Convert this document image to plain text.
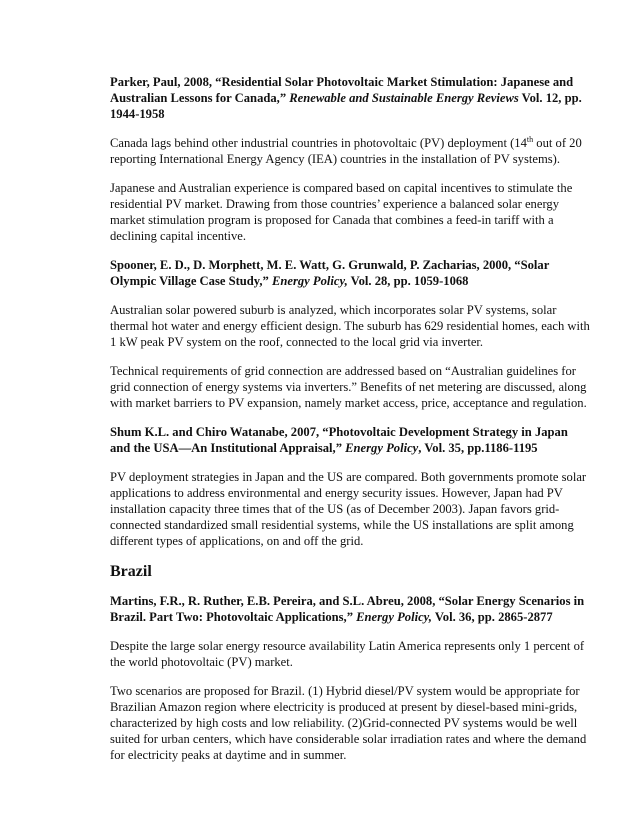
Parker, Paul, 2008, “Residential Solar Photovoltaic Market Stimulation: Japanese and Australian Lessons for Canada,” Renewable and Sustainable Energy Reviews Vol. 12, pp. 1944-1958

Canada lags behind other industrial countries in photovoltaic (PV) deployment (14th out of 20 reporting International Energy Agency (IEA) countries in the installation of PV systems).

Japanese and Australian experience is compared based on capital incentives to stimulate the residential PV market. Drawing from those countries’ experience a balanced solar energy market stimulation program is proposed for Canada that combines a feed-in tariff with a declining capital incentive.

Spooner, E. D., D. Morphett, M. E. Watt, G. Grunwald, P. Zacharias, 2000, “Solar Olympic Village Case Study,” Energy Policy, Vol. 28, pp. 1059-1068

Australian solar powered suburb is analyzed, which incorporates solar PV systems, solar thermal hot water and energy efficient design. The suburb has 629 residential homes, each with 1 kW peak PV system on the roof, connected to the local grid via inverter.

Technical requirements of grid connection are addressed based on “Australian guidelines for grid connection of energy systems via inverters.” Benefits of net metering are discussed, along with market barriers to PV expansion, namely market access, price, acceptance and regulation.

Shum K.L. and Chiro Watanabe, 2007, “Photovoltaic Development Strategy in Japan and the USA—An Institutional Appraisal,” Energy Policy, Vol. 35, pp.1186-1195

PV deployment strategies in Japan and the US are compared. Both governments promote solar applications to address environmental and energy security issues. However, Japan had PV installation capacity three times that of the US (as of December 2003). Japan favors grid-connected standardized small residential systems, while the US installations are split among different types of applications, on and off the grid.

Brazil
Martins, F.R., R. Ruther, E.B. Pereira, and S.L. Abreu, 2008, “Solar Energy Scenarios in Brazil. Part Two: Photovoltaic Applications,” Energy Policy, Vol. 36, pp. 2865-2877

Despite the large solar energy resource availability Latin America represents only 1 percent of the world photovoltaic (PV) market.

Two scenarios are proposed for Brazil. (1) Hybrid diesel/PV system would be appropriate for Brazilian Amazon region where electricity is produced at present by diesel-based mini-grids, characterized by high costs and low reliability. (2)Grid-connected PV systems would be well suited for urban centers, which have considerable solar irradiation rates and where the demand for electricity peaks at daytime and in summer.
